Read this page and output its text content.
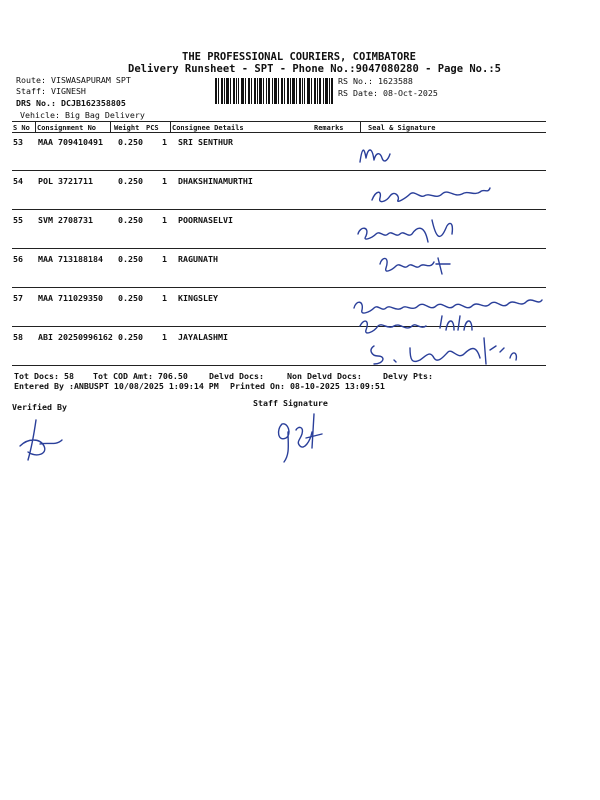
THE PROFESSIONAL COURIERS, COIMBATORE
Delivery Runsheet - SPT - Phone No.:9047080280 - Page No.:5
Route: VISWASAPURAM SPT
Staff: VIGNESH
DRS No.: DCJB162358805
Vehicle: Big Bag Delivery
RS No.: 1623588
RS Date: 08-Oct-2025
S No Consignment No	Weight PCS Consignee Details	Remarks	Seal & Signature
53 MAA 709410491 0.250 1 SRI SENTHUR
54 POL 3721711	0.250 1 DHAKSHINAMURTHI
55 SVM 2708731	0.250 1 POORNASELVI
56 MAA 713188184 0.250 1 RAGUNATH
57 MAA 711029350 0.250 1 KINGSLEY
58 ABI 20250996162 0.250 1 JAYALASHMI
Tot Docs: 58 Tot COD Amt: 706.50	Delvd Docs:	Non Delvd Docs:	Delvy Pts:
Entered By :ANBUSPT 10/08/2025 1:09:14 PM Printed On: 08-10-2025 13:09:51
Verified By	Staff Signature
